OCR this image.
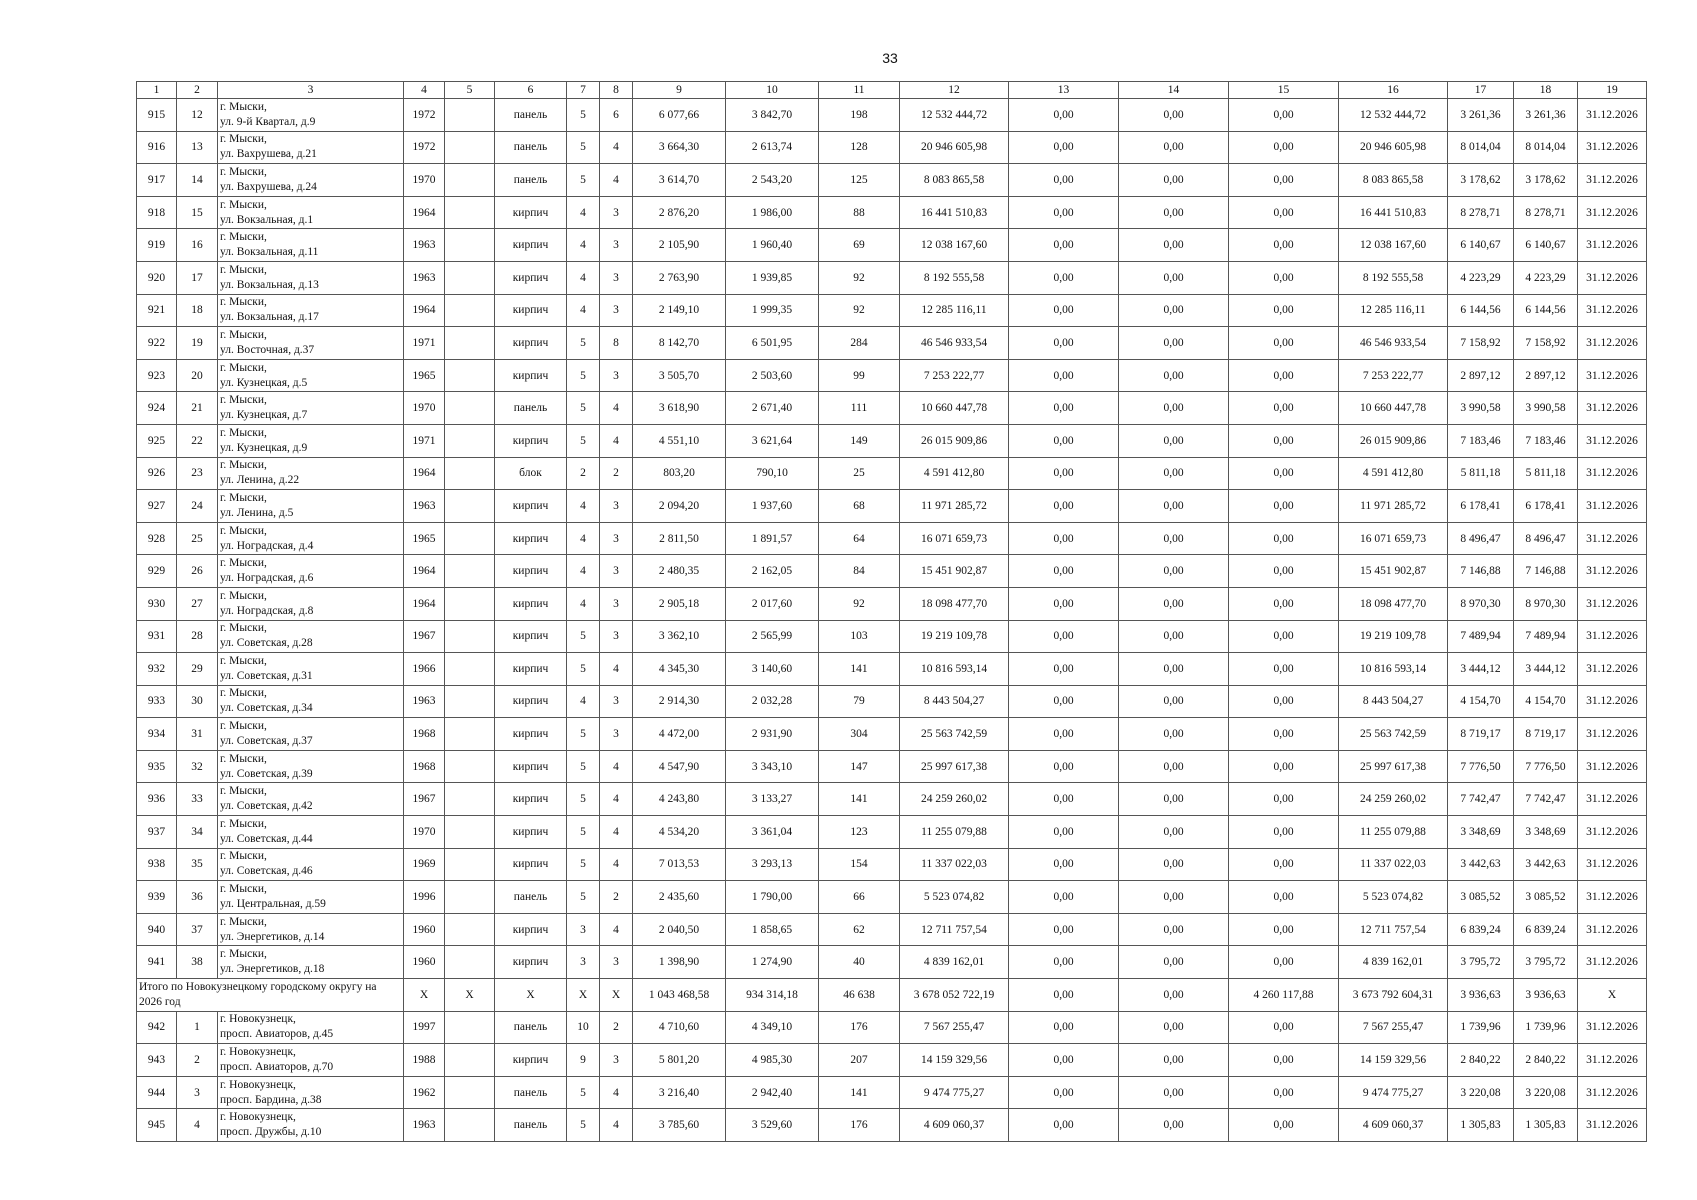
33
1	2	3	4	5	6	7	8	9	10	11	12	13	14	15	16	17	18	19
915	12	г. Мыски,
ул. 9-й Квартал, д.9	1972		панель	5	6	6 077,66	3 842,70	198	12 532 444,72	0,00	0,00	0,00	12 532 444,72	3 261,36	3 261,36	31.12.2026
916	13	г. Мыски,
ул. Вахрушева, д.21	1972		панель	5	4	3 664,30	2 613,74	128	20 946 605,98	0,00	0,00	0,00	20 946 605,98	8 014,04	8 014,04	31.12.2026
917	14	г. Мыски,
ул. Вахрушева, д.24	1970		панель	5	4	3 614,70	2 543,20	125	8 083 865,58	0,00	0,00	0,00	8 083 865,58	3 178,62	3 178,62	31.12.2026
918	15	г. Мыски,
ул. Вокзальная, д.1	1964		кирпич	4	3	2 876,20	1 986,00	88	16 441 510,83	0,00	0,00	0,00	16 441 510,83	8 278,71	8 278,71	31.12.2026
919	16	г. Мыски,
ул. Вокзальная, д.11	1963		кирпич	4	3	2 105,90	1 960,40	69	12 038 167,60	0,00	0,00	0,00	12 038 167,60	6 140,67	6 140,67	31.12.2026
920	17	г. Мыски,
ул. Вокзальная, д.13	1963		кирпич	4	3	2 763,90	1 939,85	92	8 192 555,58	0,00	0,00	0,00	8 192 555,58	4 223,29	4 223,29	31.12.2026
921	18	г. Мыски,
ул. Вокзальная, д.17	1964		кирпич	4	3	2 149,10	1 999,35	92	12 285 116,11	0,00	0,00	0,00	12 285 116,11	6 144,56	6 144,56	31.12.2026
922	19	г. Мыски,
ул. Восточная, д.37	1971		кирпич	5	8	8 142,70	6 501,95	284	46 546 933,54	0,00	0,00	0,00	46 546 933,54	7 158,92	7 158,92	31.12.2026
923	20	г. Мыски,
ул. Кузнецкая, д.5	1965		кирпич	5	3	3 505,70	2 503,60	99	7 253 222,77	0,00	0,00	0,00	7 253 222,77	2 897,12	2 897,12	31.12.2026
924	21	г. Мыски,
ул. Кузнецкая, д.7	1970		панель	5	4	3 618,90	2 671,40	111	10 660 447,78	0,00	0,00	0,00	10 660 447,78	3 990,58	3 990,58	31.12.2026
925	22	г. Мыски,
ул. Кузнецкая, д.9	1971		кирпич	5	4	4 551,10	3 621,64	149	26 015 909,86	0,00	0,00	0,00	26 015 909,86	7 183,46	7 183,46	31.12.2026
926	23	г. Мыски,
ул. Ленина, д.22	1964		блок	2	2	803,20	790,10	25	4 591 412,80	0,00	0,00	0,00	4 591 412,80	5 811,18	5 811,18	31.12.2026
927	24	г. Мыски,
ул. Ленина, д.5	1963		кирпич	4	3	2 094,20	1 937,60	68	11 971 285,72	0,00	0,00	0,00	11 971 285,72	6 178,41	6 178,41	31.12.2026
928	25	г. Мыски,
ул. Ноградская, д.4	1965		кирпич	4	3	2 811,50	1 891,57	64	16 071 659,73	0,00	0,00	0,00	16 071 659,73	8 496,47	8 496,47	31.12.2026
929	26	г. Мыски,
ул. Ноградская, д.6	1964		кирпич	4	3	2 480,35	2 162,05	84	15 451 902,87	0,00	0,00	0,00	15 451 902,87	7 146,88	7 146,88	31.12.2026
930	27	г. Мыски,
ул. Ноградская, д.8	1964		кирпич	4	3	2 905,18	2 017,60	92	18 098 477,70	0,00	0,00	0,00	18 098 477,70	8 970,30	8 970,30	31.12.2026
931	28	г. Мыски,
ул. Советская, д.28	1967		кирпич	5	3	3 362,10	2 565,99	103	19 219 109,78	0,00	0,00	0,00	19 219 109,78	7 489,94	7 489,94	31.12.2026
932	29	г. Мыски,
ул. Советская, д.31	1966		кирпич	5	4	4 345,30	3 140,60	141	10 816 593,14	0,00	0,00	0,00	10 816 593,14	3 444,12	3 444,12	31.12.2026
933	30	г. Мыски,
ул. Советская, д.34	1963		кирпич	4	3	2 914,30	2 032,28	79	8 443 504,27	0,00	0,00	0,00	8 443 504,27	4 154,70	4 154,70	31.12.2026
934	31	г. Мыски,
ул. Советская, д.37	1968		кирпич	5	3	4 472,00	2 931,90	304	25 563 742,59	0,00	0,00	0,00	25 563 742,59	8 719,17	8 719,17	31.12.2026
935	32	г. Мыски,
ул. Советская, д.39	1968		кирпич	5	4	4 547,90	3 343,10	147	25 997 617,38	0,00	0,00	0,00	25 997 617,38	7 776,50	7 776,50	31.12.2026
936	33	г. Мыски,
ул. Советская, д.42	1967		кирпич	5	4	4 243,80	3 133,27	141	24 259 260,02	0,00	0,00	0,00	24 259 260,02	7 742,47	7 742,47	31.12.2026
937	34	г. Мыски,
ул. Советская, д.44	1970		кирпич	5	4	4 534,20	3 361,04	123	11 255 079,88	0,00	0,00	0,00	11 255 079,88	3 348,69	3 348,69	31.12.2026
938	35	г. Мыски,
ул. Советская, д.46	1969		кирпич	5	4	7 013,53	3 293,13	154	11 337 022,03	0,00	0,00	0,00	11 337 022,03	3 442,63	3 442,63	31.12.2026
939	36	г. Мыски,
ул. Центральная, д.59	1996		панель	5	2	2 435,60	1 790,00	66	5 523 074,82	0,00	0,00	0,00	5 523 074,82	3 085,52	3 085,52	31.12.2026
940	37	г. Мыски,
ул. Энергетиков, д.14	1960		кирпич	3	4	2 040,50	1 858,65	62	12 711 757,54	0,00	0,00	0,00	12 711 757,54	6 839,24	6 839,24	31.12.2026
941	38	г. Мыски,
ул. Энергетиков, д.18	1960		кирпич	3	3	1 398,90	1 274,90	40	4 839 162,01	0,00	0,00	0,00	4 839 162,01	3 795,72	3 795,72	31.12.2026
Итого по Новокузнецкому городскому округу на 2026 год			X	X	X	X	X	1 043 468,58	934 314,18	46 638	3 678 052 722,19	0,00	0,00	4 260 117,88	3 673 792 604,31	3 936,63	3 936,63	X
942	1	г. Новокузнецк,
просп. Авиаторов, д.45	1997		панель	10	2	4 710,60	4 349,10	176	7 567 255,47	0,00	0,00	0,00	7 567 255,47	1 739,96	1 739,96	31.12.2026
943	2	г. Новокузнецк,
просп. Авиаторов, д.70	1988		кирпич	9	3	5 801,20	4 985,30	207	14 159 329,56	0,00	0,00	0,00	14 159 329,56	2 840,22	2 840,22	31.12.2026
944	3	г. Новокузнецк,
просп. Бардина, д.38	1962		панель	5	4	3 216,40	2 942,40	141	9 474 775,27	0,00	0,00	0,00	9 474 775,27	3 220,08	3 220,08	31.12.2026
945	4	г. Новокузнецк,
просп. Дружбы, д.10	1963		панель	5	4	3 785,60	3 529,60	176	4 609 060,37	0,00	0,00	0,00	4 609 060,37	1 305,83	1 305,83	31.12.2026
